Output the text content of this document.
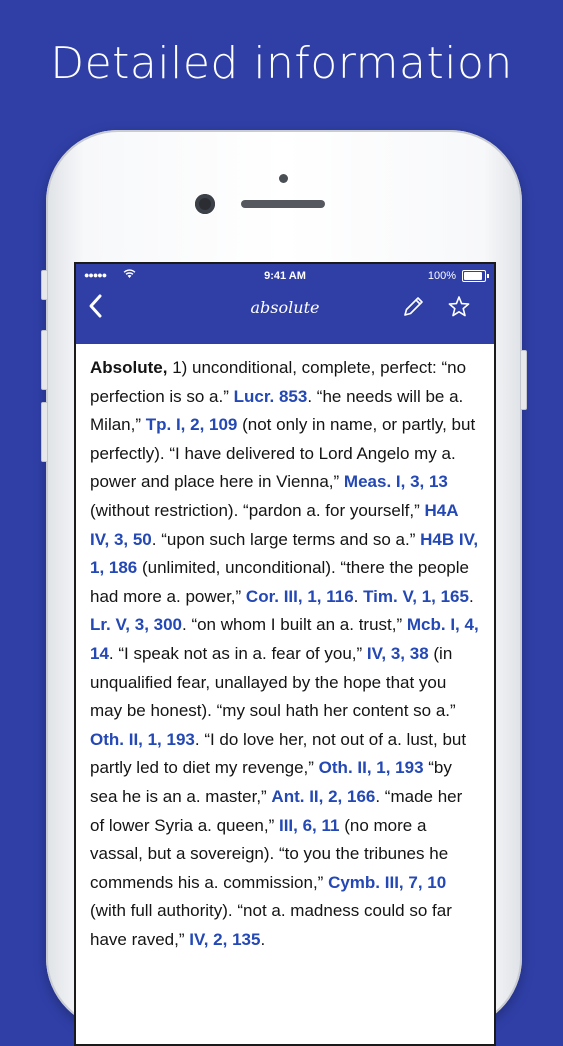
Detailed information
●●●●●	9:41 AM	100%
absolute
Absolute, 1) unconditional, complete, perfect: “no perfection is so a.” Lucr. 853. “he needs will be a. Milan,” Tp. I, 2, 109 (not only in name, or partly, but perfectly). “I have delivered to Lord Angelo my a. power and place here in Vienna,” Meas. I, 3, 13 (without restriction). “pardon a. for yourself,” H4A IV, 3, 50. “upon such large terms and so a.” H4B IV, 1, 186 (unlimited, unconditional). “there the people had more a. power,” Cor. III, 1, 116. Tim. V, 1, 165. Lr. V, 3, 300. “on whom I built an a. trust,” Mcb. I, 4, 14. “I speak not as in a. fear of you,” IV, 3, 38 (in unqualified fear, unallayed by the hope that you may be honest). “my soul hath her content so a.” Oth. II, 1, 193. “I do love her, not out of a. lust, but partly led to diet my revenge,” Oth. II, 1, 193 “by sea he is an a. master,” Ant. II, 2, 166. “made her of lower Syria a. queen,” III, 6, 11 (no more a vassal, but a sovereign). “to you the tribunes he commends his a. commission,” Cymb. III, 7, 10 (with full authority). “not a. madness could so far have raved,” IV, 2, 135.
